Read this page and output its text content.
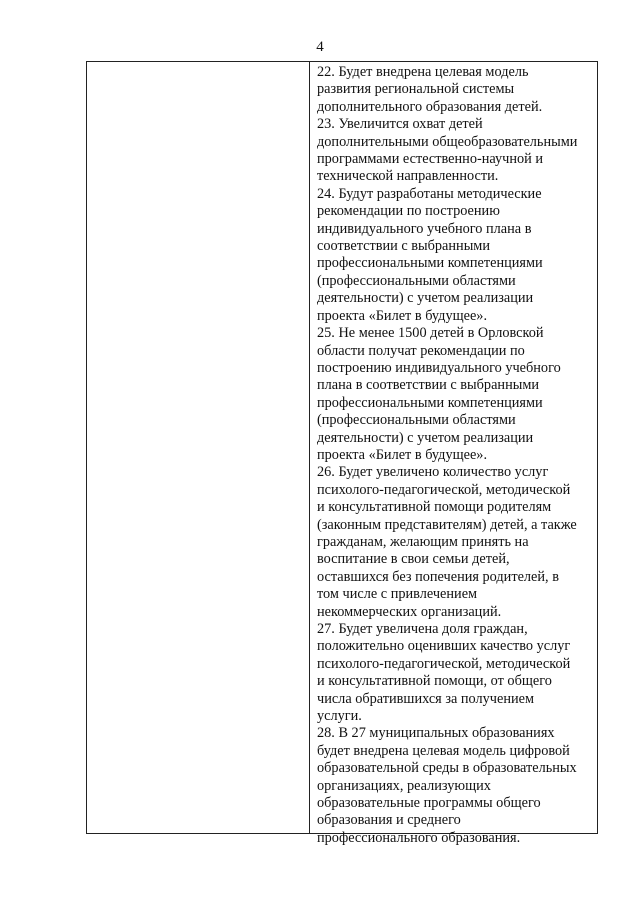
4

22. Будет внедрена целевая модель
развития региональной системы
дополнительного образования детей.

23. Увеличится охват детей
дополнительными общеобразовательными
программами естественно-научной и
технической направленности.

24. Будут разработаны методические
рекомендации по построению
индивидуального учебного плана в
соответствии с выбранными
профессиональными компетенциями
(профессиональными областями
деятельности) с учетом реализации
проекта «Билет в будущее».

25. Не менее 1500 детей в Орловской
области получат рекомендации по
построению индивидуального учебного
плана в соответствии с выбранными
профессиональными компетенциями
(профессиональными областями
деятельности) с учетом реализации
проекта «Билет в будущее».

26. Будет увеличено количество услуг
психолого-педагогической, методической
и консультативной помощи родителям
(законным представителям) детей, а также
гражданам, желающим принять на
воспитание в свои семьи детей,
оставшихся без попечения родителей, в
том числе с привлечением
некоммерческих организаций.

27. Будет увеличена доля граждан,
положительно оценивших качество услуг
психолого-педагогической, методической
и консультативной помощи, от общего
числа обратившихся за получением
услуги.

28. В 27 муниципальных образованиях
будет внедрена целевая модель цифровой
образовательной среды в образовательных
организациях, реализующих
образовательные программы общего
образования и среднего
профессионального образования.
